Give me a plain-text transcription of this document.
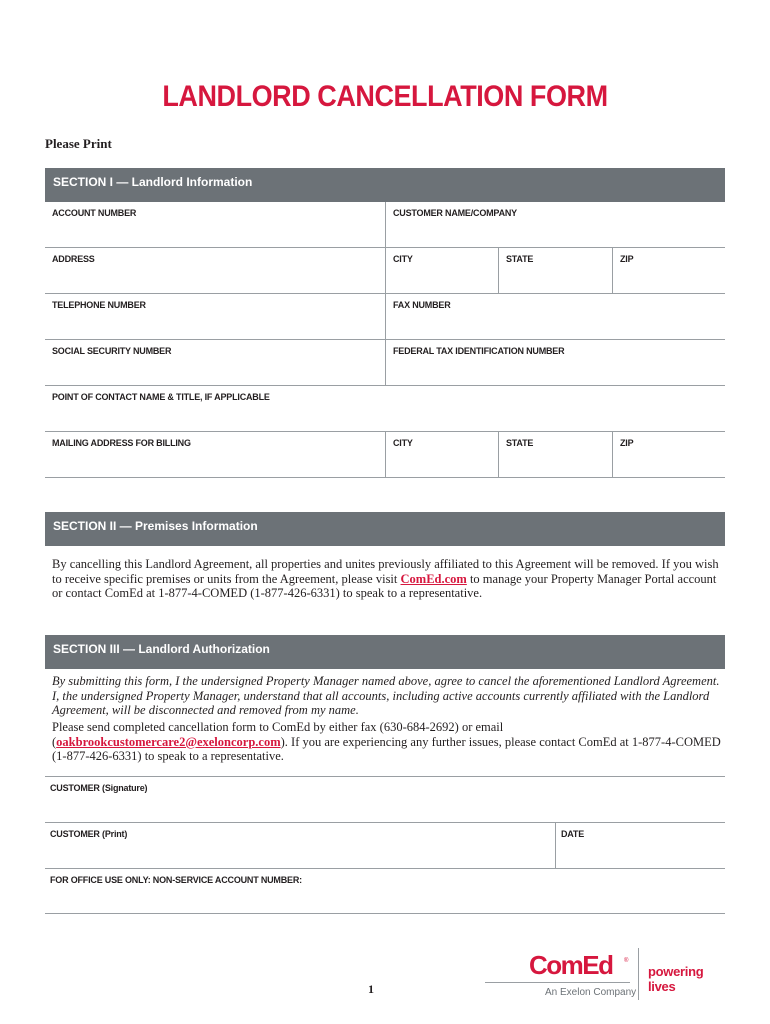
LANDLORD CANCELLATION FORM
Please Print
SECTION I — Landlord Information
ACCOUNT NUMBER	CUSTOMER NAME/COMPANY
ADDRESS	CITY	STATE	ZIP
TELEPHONE NUMBER	FAX NUMBER
SOCIAL SECURITY NUMBER	FEDERAL TAX IDENTIFICATION NUMBER
POINT OF CONTACT NAME & TITLE, IF APPLICABLE
MAILING ADDRESS FOR BILLING	CITY	STATE	ZIP
SECTION II — Premises Information
By cancelling this Landlord Agreement, all properties and unites previously affiliated to this Agreement will be removed. If you wish to receive specific premises or units from the Agreement, please visit ComEd.com to manage your Property Manager Portal account or contact ComEd at 1-877-4-COMED (1-877-426-6331) to speak to a representative.
SECTION III — Landlord Authorization
By submitting this form, I the undersigned Property Manager named above, agree to cancel the aforementioned Landlord Agreement. I, the undersigned Property Manager, understand that all accounts, including active accounts currently affiliated with the Landlord Agreement, will be disconnected and removed from my name.
Please send completed cancellation form to ComEd by either fax (630-684-2692) or email (oakbrookcustomercare2@exeloncorp.com). If you are experiencing any further issues, please contact ComEd at 1-877-4-COMED (1-877-426-6331) to speak to a representative.
CUSTOMER (Signature)
CUSTOMER (Print)	DATE
FOR OFFICE USE ONLY: NON-SERVICE ACCOUNT NUMBER:
1
ComEd ®
An Exelon Company
powering lives
